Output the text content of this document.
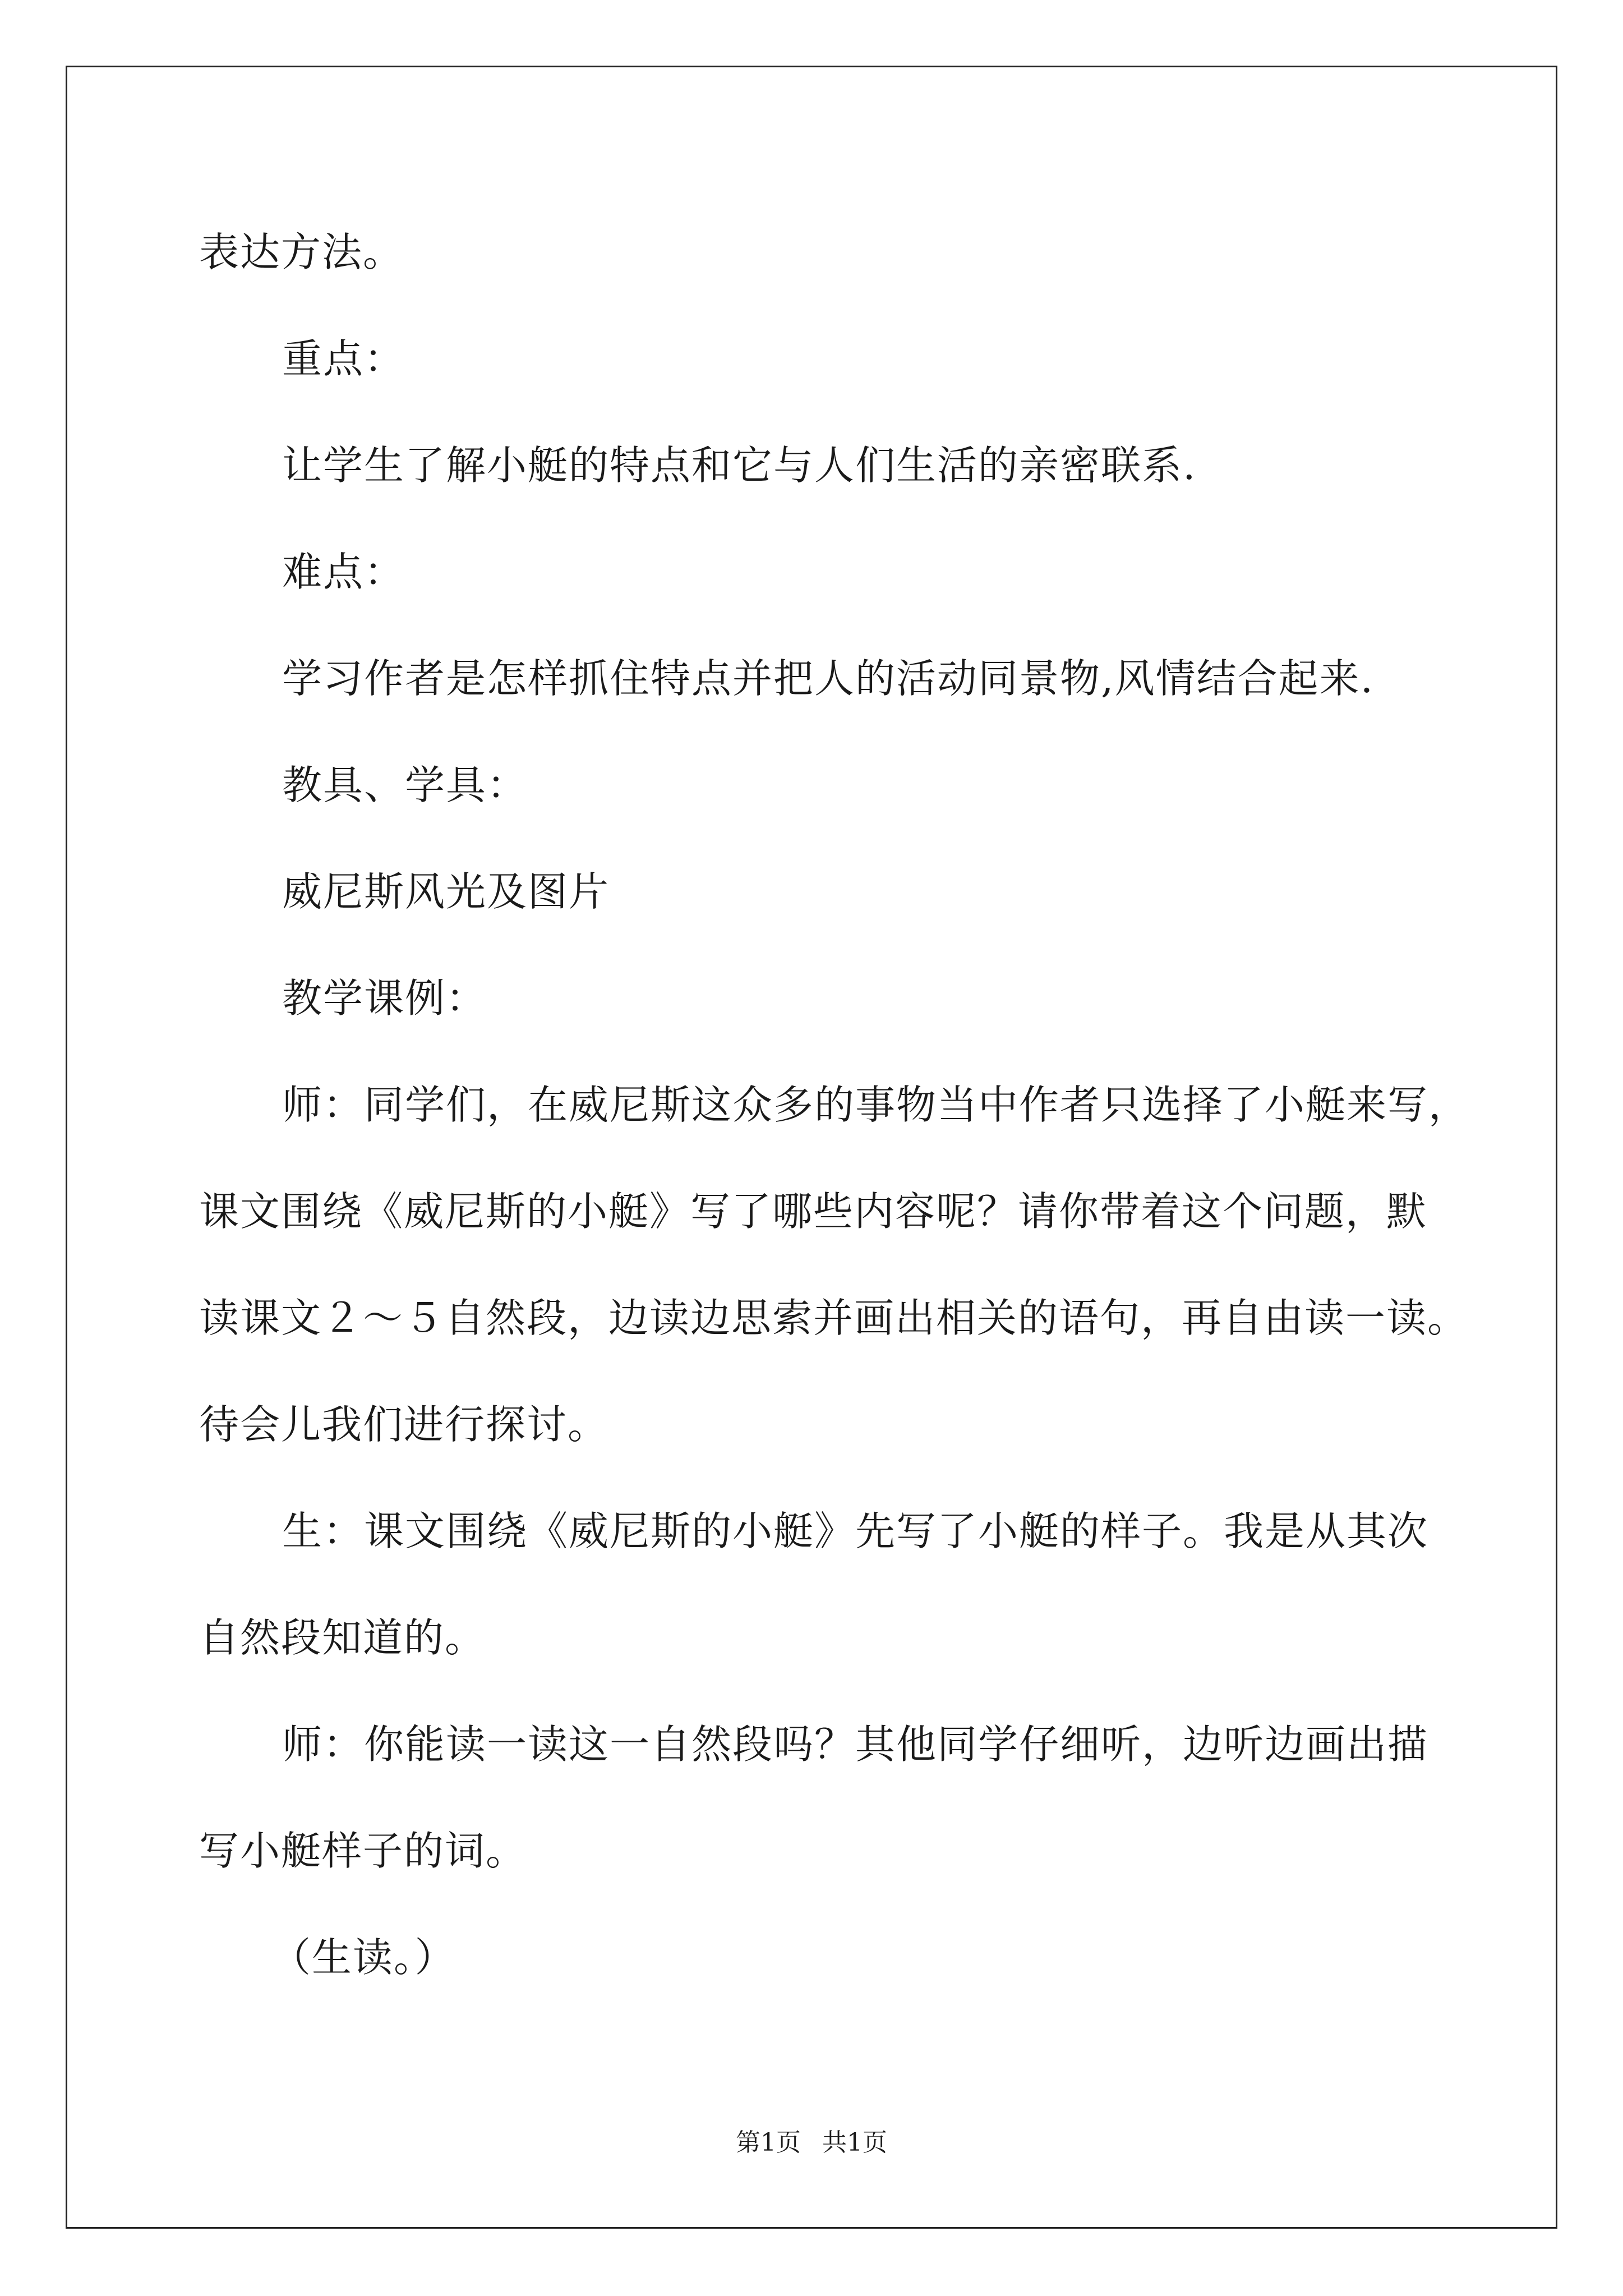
表达方法。
重点：
让学生了解小艇的特点和它与人们生活的亲密联系.
难点：
学习作者是怎样抓住特点并把人的活动同景物,风情结合起来.
教具、学具：
威尼斯风光及图片
教学课例：
师：同学们，在威尼斯这众多的事物当中作者只选择了小艇来写，
课文围绕《威尼斯的小艇》写了哪些内容呢？请你带着这个问题，默
读课文２～５自然段，边读边思索并画出相关的语句，再自由读一读。
待会儿我们进行探讨。
生：课文围绕《威尼斯的小艇》先写了小艇的样子。我是从其次
自然段知道的。
师：你能读一读这一自然段吗？其他同学仔细听，边听边画出描
写小艇样子的词。
（生读。）
第1页 共1页
